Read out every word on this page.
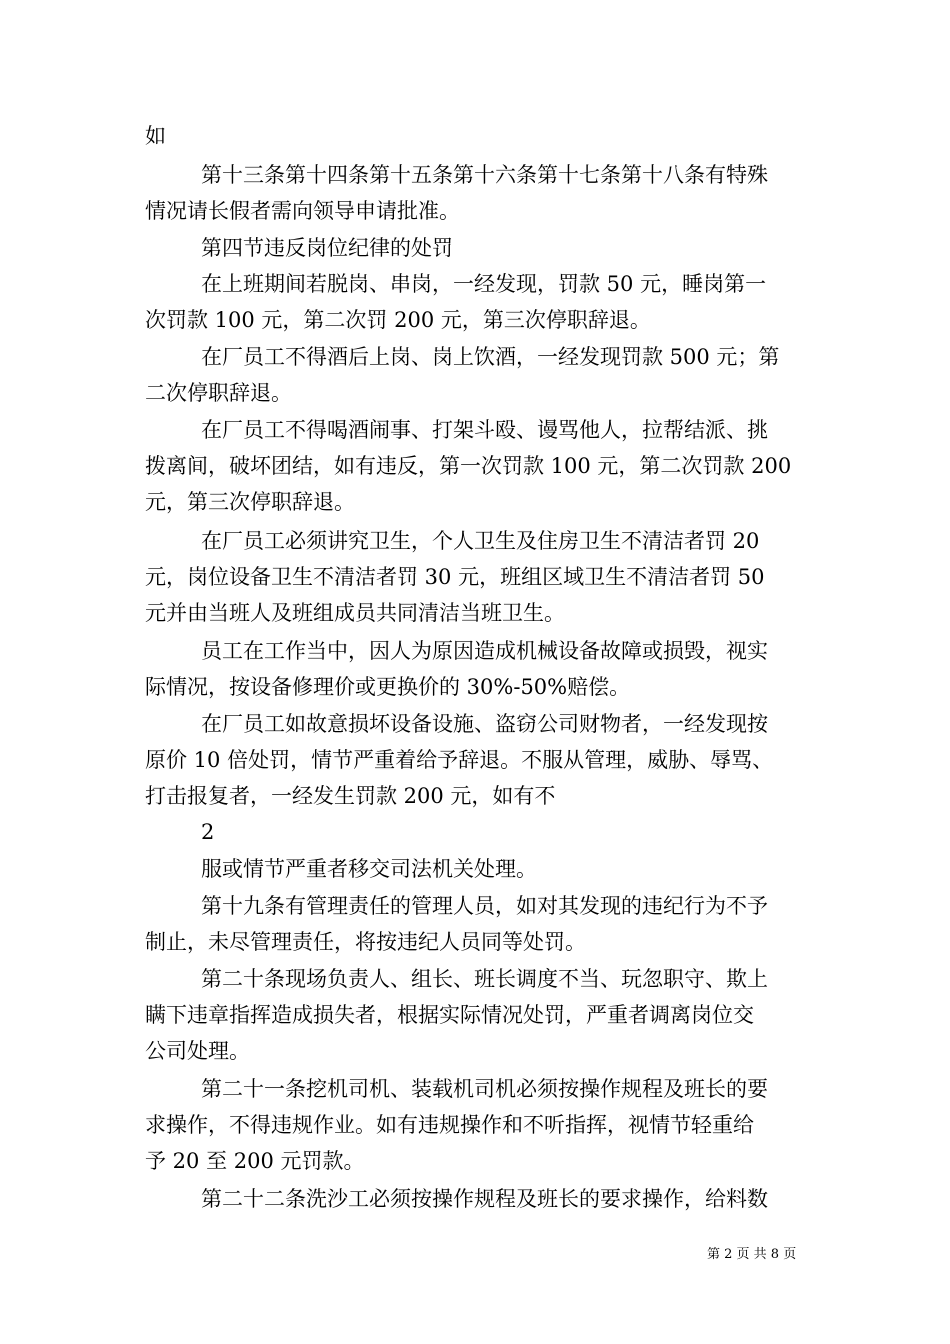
如

第十三条第十四条第十五条第十六条第十七条第十八条有特殊

情况请长假者需向领导申请批准。

第四节违反岗位纪律的处罚

在上班期间若脱岗、串岗，一经发现，罚款 50 元，睡岗第一

次罚款 100 元，第二次罚 200 元，第三次停职辞退。

在厂员工不得酒后上岗、岗上饮酒，一经发现罚款 500 元；第

二次停职辞退。

在厂员工不得喝酒闹事、打架斗殴、谩骂他人，拉帮结派、挑

拨离间，破坏团结，如有违反，第一次罚款 100 元，第二次罚款 200

元，第三次停职辞退。

在厂员工必须讲究卫生，个人卫生及住房卫生不清洁者罚 20

元，岗位设备卫生不清洁者罚 30 元，班组区域卫生不清洁者罚 50

元并由当班人及班组成员共同清洁当班卫生。

员工在工作当中，因人为原因造成机械设备故障或损毁，视实

际情况，按设备修理价或更换价的 30%-50%赔偿。

在厂员工如故意损坏设备设施、盗窃公司财物者，一经发现按

原价 10 倍处罚，情节严重着给予辞退。不服从管理，威胁、辱骂、

打击报复者，一经发生罚款 200 元，如有不

2

服或情节严重者移交司法机关处理。

第十九条有管理责任的管理人员，如对其发现的违纪行为不予

制止，未尽管理责任，将按违纪人员同等处罚。

第二十条现场负责人、组长、班长调度不当、玩忽职守、欺上

瞒下违章指挥造成损失者，根据实际情况处罚，严重者调离岗位交

公司处理。

第二十一条挖机司机、装载机司机必须按操作规程及班长的要

求操作，不得违规作业。如有违规操作和不听指挥，视情节轻重给

予 20 至 200 元罚款。

第二十二条洗沙工必须按操作规程及班长的要求操作，给料数

第 2 页 共 8 页
